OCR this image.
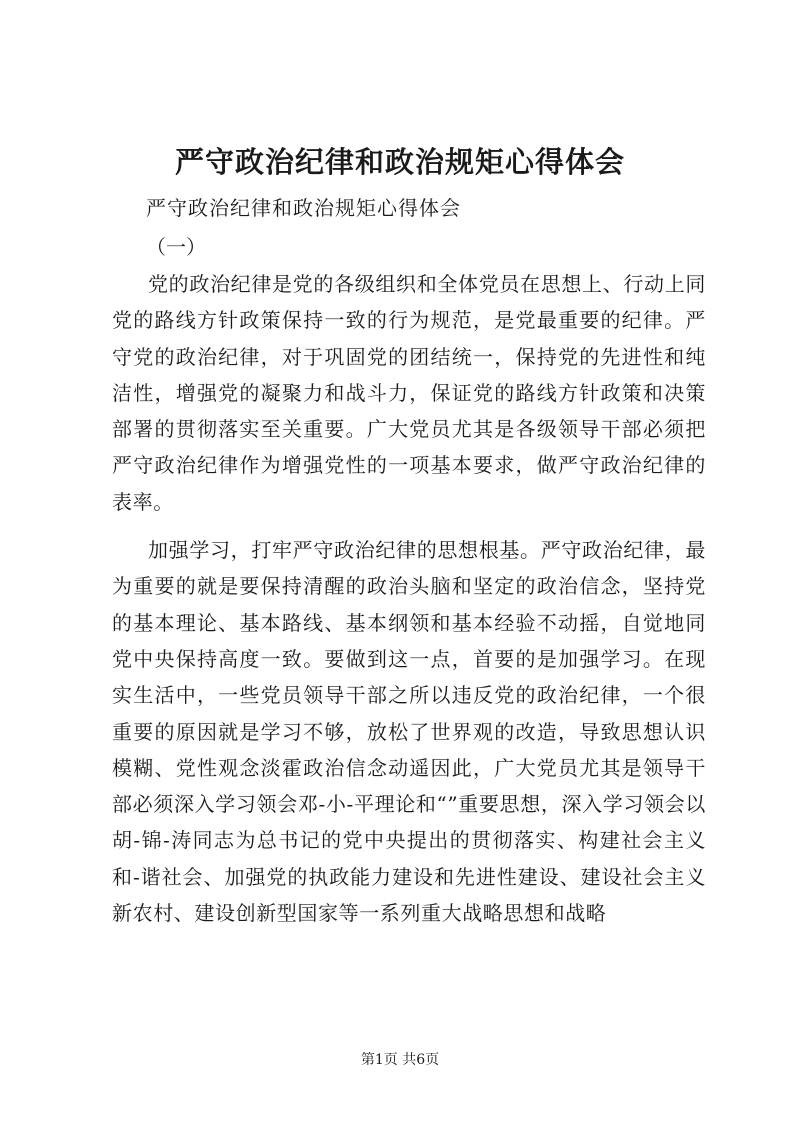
严守政治纪律和政治规矩心得体会

严守政治纪律和政治规矩心得体会

（一）

党的政治纪律是党的各级组织和全体党员在思想上、行动上同党的路线方针政策保持一致的行为规范，是党最重要的纪律。严守党的政治纪律，对于巩固党的团结统一，保持党的先进性和纯洁性，增强党的凝聚力和战斗力，保证党的路线方针政策和决策部署的贯彻落实至关重要。广大党员尤其是各级领导干部必须把严守政治纪律作为增强党性的一项基本要求，做严守政治纪律的表率。

加强学习，打牢严守政治纪律的思想根基。严守政治纪律，最为重要的就是要保持清醒的政治头脑和坚定的政治信念，坚持党的基本理论、基本路线、基本纲领和基本经验不动摇，自觉地同党中央保持高度一致。要做到这一点，首要的是加强学习。在现实生活中，一些党员领导干部之所以违反党的政治纪律，一个很重要的原因就是学习不够，放松了世界观的改造，导致思想认识模糊、党性观念淡霍政治信念动遥因此，广大党员尤其是领导干部必须深入学习领会邓-小-平理论和“”重要思想，深入学习领会以胡-锦-涛同志为总书记的党中央提出的贯彻落实、构建社会主义和-谐社会、加强党的执政能力建设和先进性建设、建设社会主义新农村、建设创新型国家等一系列重大战略思想和战略

第1页 共6页
